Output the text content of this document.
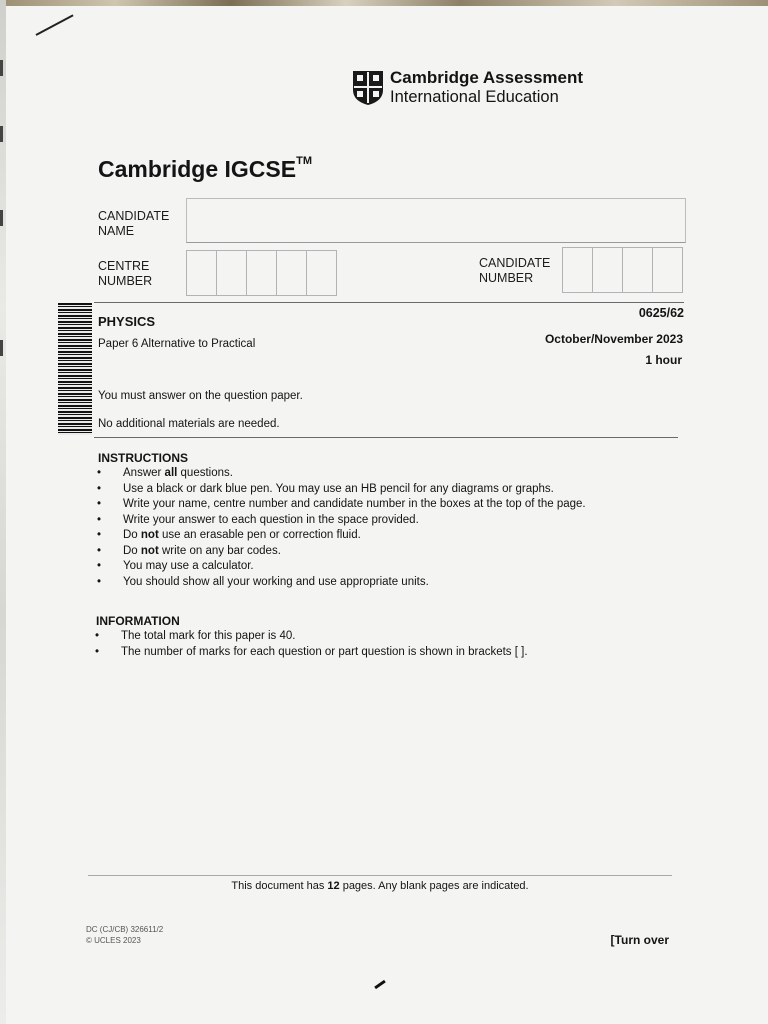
Cambridge Assessment
International Education
Cambridge IGCSE™
CANDIDATE
NAME
CENTRE
NUMBER
CANDIDATE
NUMBER
PHYSICS
Paper 6 Alternative to Practical
0625/62
October/November 2023
1 hour
You must answer on the question paper.
No additional materials are needed.
INSTRUCTIONS
• Answer all questions.
• Use a black or dark blue pen. You may use an HB pencil for any diagrams or graphs.
• Write your name, centre number and candidate number in the boxes at the top of the page.
• Write your answer to each question in the space provided.
• Do not use an erasable pen or correction fluid.
• Do not write on any bar codes.
• You may use a calculator.
• You should show all your working and use appropriate units.
INFORMATION
• The total mark for this paper is 40.
• The number of marks for each question or part question is shown in brackets [ ].
This document has 12 pages. Any blank pages are indicated.
DC (CJ/CB) 326611/2
© UCLES 2023	[Turn over
